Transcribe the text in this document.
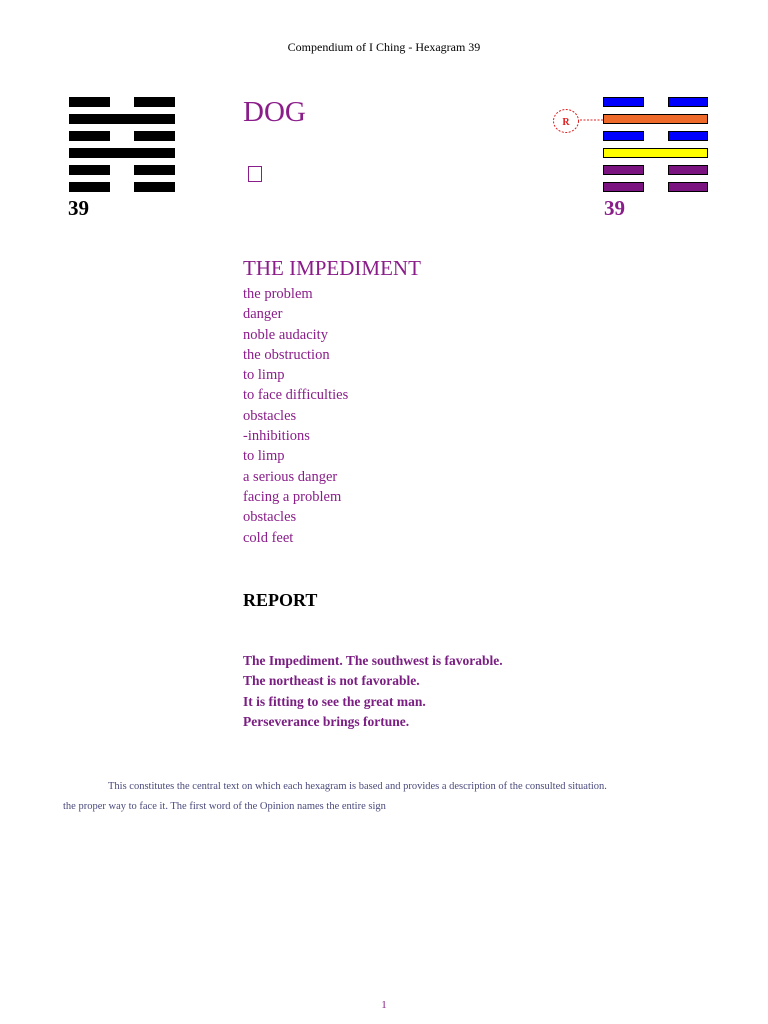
Compendium of I Ching - Hexagram 39
39
DOG	R
39
THE IMPEDIMENT
the problem
danger
noble audacity
the obstruction
to limp
to face difficulties
obstacles
-inhibitions
to limp
a serious danger
facing a problem
obstacles
cold feet
REPORT
The Impediment. The southwest is favorable.
The northeast is not favorable.
It is fitting to see the great man.
Perseverance brings fortune.
This constitutes the central text on which each hexagram is based and provides a description of the consulted situation.
the proper way to face it. The first word of the Opinion names the entire sign
1
